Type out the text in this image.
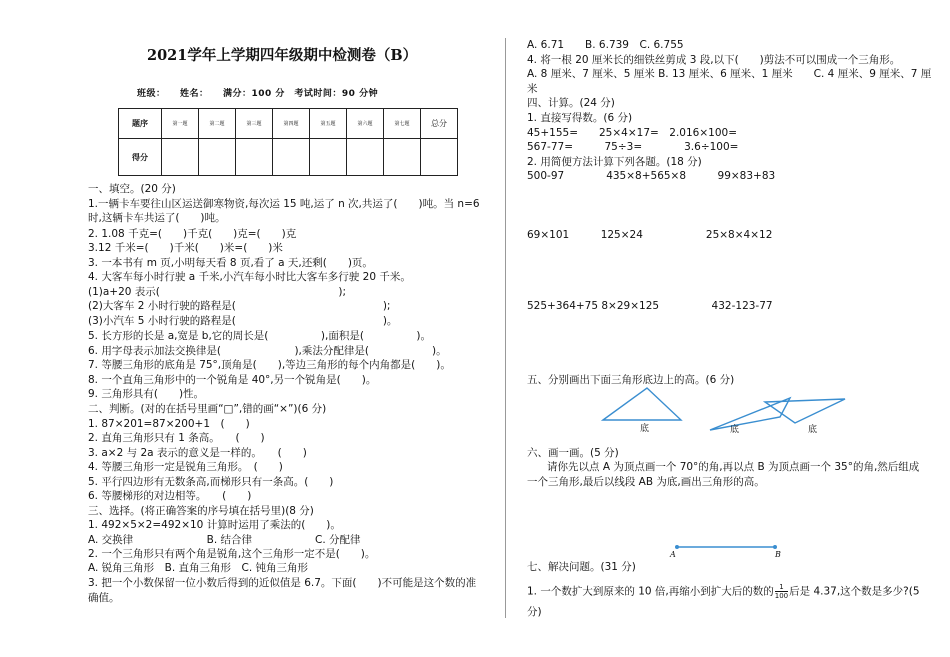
2021学年上学期四年级期中检测卷（B）
班级：　　姓名：　　满分：100 分　考试时间：90 分钟
题序	第一题	第二题	第三题	第四题	第五题	第六题	第七题	总分
得分								
一、填空。(20 分)
1.一辆卡车要往山区运送御寒物资,每次运 15 吨,运了 n 次,共运了(　　)吨。当 n=6
时,这辆卡车共运了(　　)吨。
2. 1.08 千克=(　　)千克(　　)克=(　　)克
3.12 千米=(　　)千米(　　)米=(　　)米
3. 一本书有 m 页,小明每天看 8 页,看了 a 天,还剩(　　)页。
4. 大客车每小时行驶 a 千米,小汽车每小时比大客车多行驶 20 千米。
(1)a+20 表示(　　　　　　　　　　　　　　　　　);
(2)大客车 2 小时行驶的路程是(　　　　　　　　　　　　　　);
(3)小汽车 5 小时行驶的路程是(　　　　　　　　　　　　　　)。
5. 长方形的长是 a,宽是 b,它的周长是(　　　　　),面积是(　　　　　)。
6. 用字母表示加法交换律是(　　　　　　　),乘法分配律是(　　　　　　)。
7. 等腰三角形的底角是 75°,顶角是(　　),等边三角形的每个内角都是(　　)。
8. 一个直角三角形中的一个锐角是 40°,另一个锐角是(　　)。
9. 三角形具有(　　)性。
二、判断。(对的在括号里画“□”,错的画“×”)(6 分)
1. 87×201=87×200+1　(　　)
2. 直角三角形只有 1 条高。　　(　　)
3. a×2 与 2a 表示的意义是一样的。　　(　　)
4. 等腰三角形一定是锐角三角形。　(　　)
5. 平行四边形有无数条高,而梯形只有一条高。(　　)
6. 等腰梯形的对边相等。　　(　　)
三、选择。(将正确答案的序号填在括号里)(8 分)
1. 492×5×2=492×10 计算时运用了乘法的(　　)。
A. 交换律　　　　　　　B. 结合律　　　　　　C. 分配律
2. 一个三角形只有两个角是锐角,这个三角形一定不是(　　)。
A. 锐角三角形　B. 直角三角形　C. 钝角三角形
3. 把一个小数保留一位小数后得到的近似值是 6.7。下面(　　)不可能是这个数的准
确值。
A. 6.71　　B. 6.739　C. 6.755
4. 将一根 20 厘米长的细铁丝剪成 3 段,以下(　　)剪法不可以围成一个三角形。
A. 8 厘米、7 厘米、5 厘米 B. 13 厘米、6 厘米、1 厘米　　C. 4 厘米、9 厘米、7 厘
米
四、计算。(24 分)
1. 直接写得数。(6 分)
45+155=　　25×4×17=　2.016×100=
567-77=　　　75÷3=　　　　3.6÷100=
2. 用简便方法计算下列各题。(18 分)
500-97　　　　435×8+565×8　　　99×83+83
69×101　　　125×24　　　　　　25×8×4×12
525+364+75 8×29×125　　　　　432-123-77
五、分别画出下面三角形底边上的高。(6 分)
底	底	底
六、画一画。(5 分)
请你先以点 A 为顶点画一个 70°的角,再以点 B 为顶点画一个 35°的角,然后组成
一个三角形,最后以线段 AB 为底,画出三角形的高。
A	B
七、解决问题。(31 分)
1. 一个数扩大到原来的 10 倍,再缩小到扩大后的数的 $\frac{1}{100}$ 后是 4.37,这个数是多少?(5
分)
